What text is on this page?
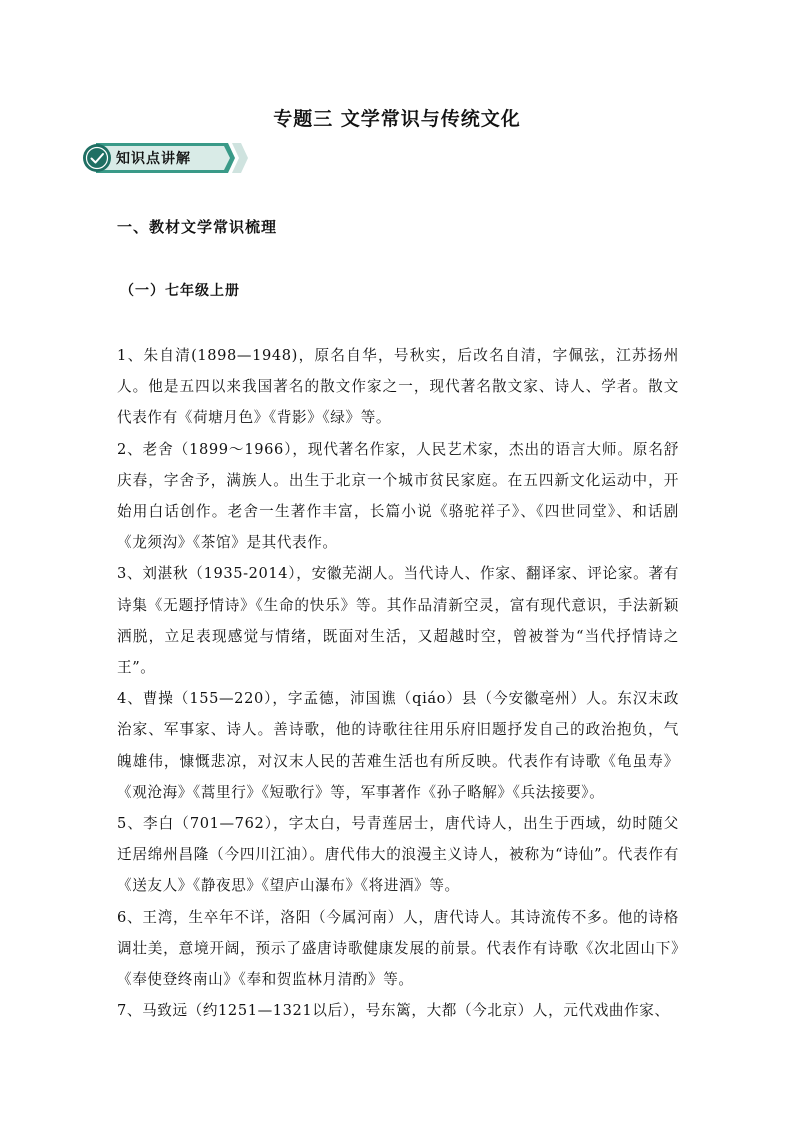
专题三 文学常识与传统文化
知识点讲解
一、教材文学常识梳理
（一）七年级上册

1、朱自清(1898—1948)，原名自华，号秋实，后改名自清，字佩弦，江苏扬州人。他是五四以来我国著名的散文作家之一，现代著名散文家、诗人、学者。散文代表作有《荷塘月色》《背影》《绿》等。

2、老舍（1899～1966），现代著名作家，人民艺术家，杰出的语言大师。原名舒庆春，字舍予，满族人。出生于北京一个城市贫民家庭。在五四新文化运动中，开始用白话创作。老舍一生著作丰富，长篇小说《骆驼祥子》、《四世同堂》、和话剧《龙须沟》《茶馆》是其代表作。

3、刘湛秋（1935-2014），安徽芜湖人。当代诗人、作家、翻译家、评论家。著有诗集《无题抒情诗》《生命的快乐》等。其作品清新空灵，富有现代意识，手法新颖洒脱，立足表现感觉与情绪，既面对生活，又超越时空，曾被誉为“当代抒情诗之王”。

4、曹操（155—220），字孟德，沛国谯（qiáo）县（今安徽亳州）人。东汉末政治家、军事家、诗人。善诗歌，他的诗歌往往用乐府旧题抒发自己的政治抱负，气魄雄伟，慷慨悲凉，对汉末人民的苦难生活也有所反映。代表作有诗歌《龟虽寿》《观沧海》《蒿里行》《短歌行》等，军事著作《孙子略解》《兵法接要》。

5、李白（701—762），字太白，号青莲居士，唐代诗人，出生于西域，幼时随父迁居绵州昌隆（今四川江油）。唐代伟大的浪漫主义诗人，被称为“诗仙”。代表作有《送友人》《静夜思》《望庐山瀑布》《将进酒》等。

6、王湾，生卒年不详，洛阳（今属河南）人，唐代诗人。其诗流传不多。他的诗格调壮美，意境开阔，预示了盛唐诗歌健康发展的前景。代表作有诗歌《次北固山下》《奉使登终南山》《奉和贺监林月清酌》等。

7、马致远（约1251—1321以后），号东篱，大都（今北京）人，元代戏曲作家、
